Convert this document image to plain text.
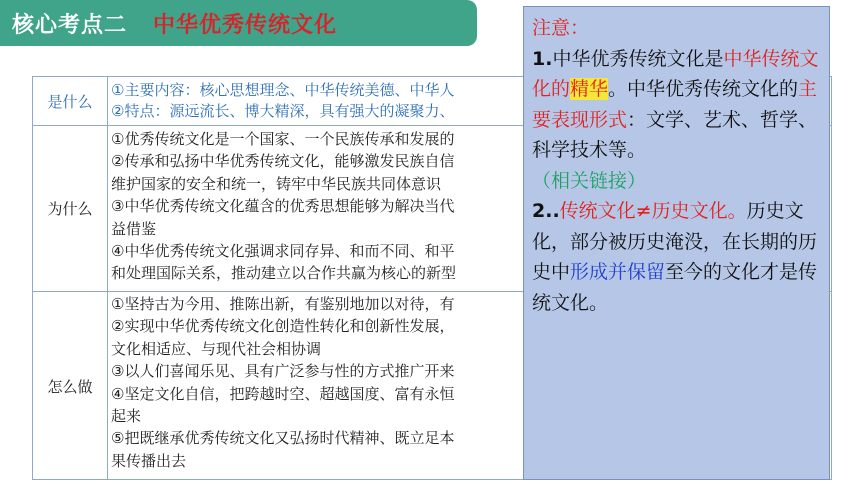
核心考点二 中华优秀传统文化
是什么
①主要内容：核心思想理念、中华传统美德、中华人
②特点：源远流长、博大精深，具有强大的凝聚力、
为什么
①优秀传统文化是一个国家、一个民族传承和发展的
②传承和弘扬中华优秀传统文化，能够激发民族自信
维护国家的安全和统一，铸牢中华民族共同体意识
③中华优秀传统文化蕴含的优秀思想能够为解决当代
益借鉴
④中华优秀传统文化强调求同存异、和而不同、和平
和处理国际关系，推动建立以合作共赢为核心的新型
怎么做
①坚持古为今用、推陈出新，有鉴别地加以对待，有
②实现中华优秀传统文化创造性转化和创新性发展，
文化相适应、与现代社会相协调
③以人们喜闻乐见、具有广泛参与性的方式推广开来
④坚定文化自信，把跨越时空、超越国度、富有永恒
起来
⑤把既继承优秀传统文化又弘扬时代精神、既立足本
果传播出去
注意：
1.中华优秀传统文化是中华传统文化的精华。中华优秀传统文化的主要表现形式：文学、艺术、哲学、科学技术等。
（相关链接）
2..传统文化≠历史文化。历史文化，部分被历史淹没，在长期的历史中形成并保留至今的文化才是传统文化。
